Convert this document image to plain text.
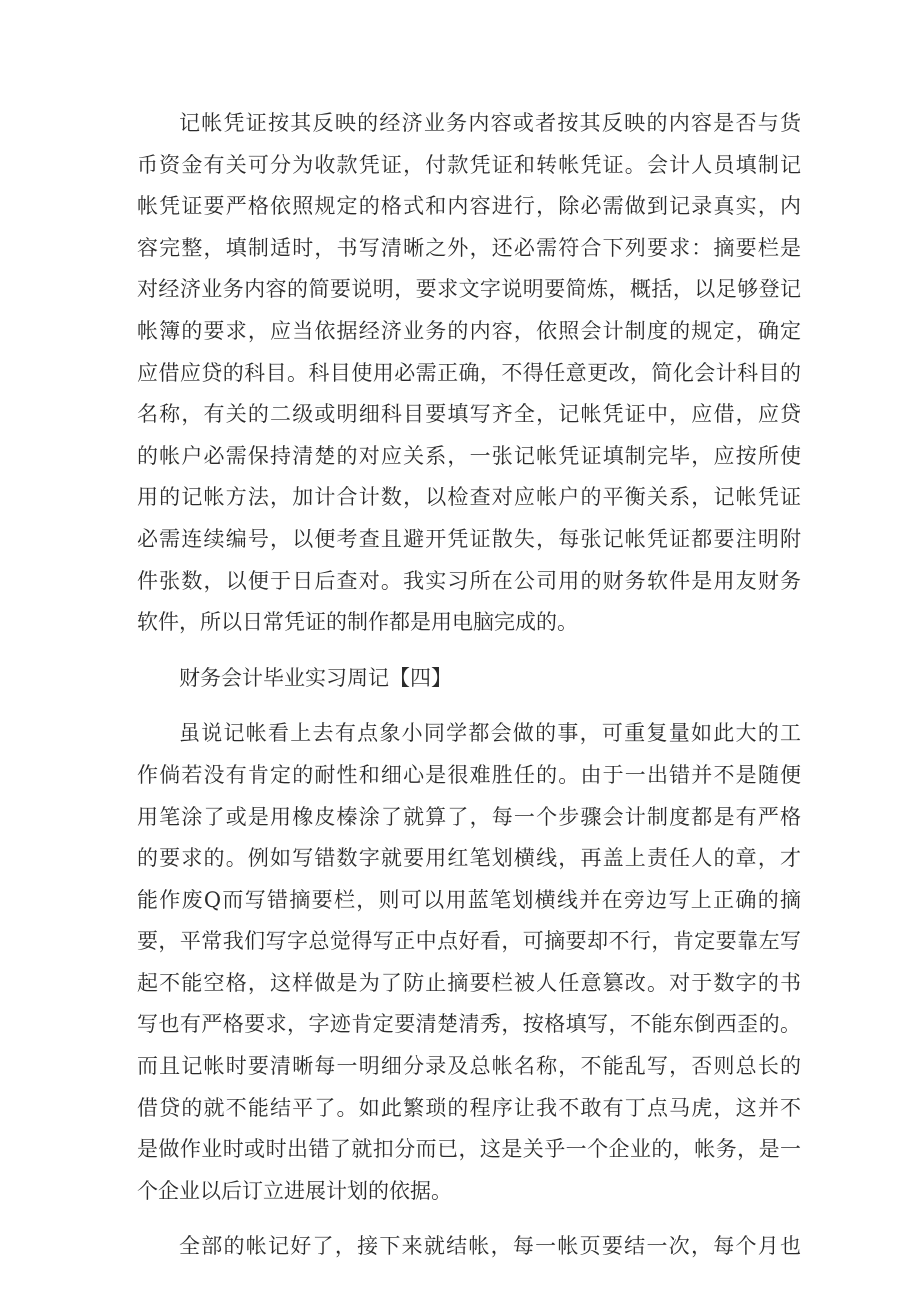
记帐凭证按其反映的经济业务内容或者按其反映的内容是否与货
币资金有关可分为收款凭证，付款凭证和转帐凭证。会计人员填制记
帐凭证要严格依照规定的格式和内容进行，除必需做到记录真实，内
容完整，填制适时，书写清晰之外，还必需符合下列要求：摘要栏是
对经济业务内容的简要说明，要求文字说明要简炼，概括，以足够登记
帐簿的要求，应当依据经济业务的内容，依照会计制度的规定，确定
应借应贷的科目。科目使用必需正确，不得任意更改，简化会计科目的
名称，有关的二级或明细科目要填写齐全，记帐凭证中，应借，应贷
的帐户必需保持清楚的对应关系，一张记帐凭证填制完毕，应按所使
用的记帐方法，加计合计数，以检查对应帐户的平衡关系，记帐凭证
必需连续编号，以便考查且避开凭证散失，每张记帐凭证都要注明附
件张数，以便于日后查对。我实习所在公司用的财务软件是用友财务
软件，所以日常凭证的制作都是用电脑完成的。
财务会计毕业实习周记【四】
虽说记帐看上去有点象小同学都会做的事，可重复量如此大的工
作倘若没有肯定的耐性和细心是很难胜任的。由于一出错并不是随便
用笔涂了或是用橡皮榛涂了就算了，每一个步骤会计制度都是有严格
的要求的。例如写错数字就要用红笔划横线，再盖上责任人的章，才
能作废Q而写错摘要栏，则可以用蓝笔划横线并在旁边写上正确的摘
要，平常我们写字总觉得写正中点好看，可摘要却不行，肯定要靠左写
起不能空格，这样做是为了防止摘要栏被人任意篡改。对于数字的书
写也有严格要求，字迹肯定要清楚清秀，按格填写，不能东倒西歪的。
而且记帐时要清晰每一明细分录及总帐名称，不能乱写，否则总长的
借贷的就不能结平了。如此繁琐的程序让我不敢有丁点马虎，这并不
是做作业时或时出错了就扣分而已，这是关乎一个企业的，帐务，是一
个企业以后订立进展计划的依据。
全部的帐记好了，接下来就结帐，每一帐页要结一次，每个月也
